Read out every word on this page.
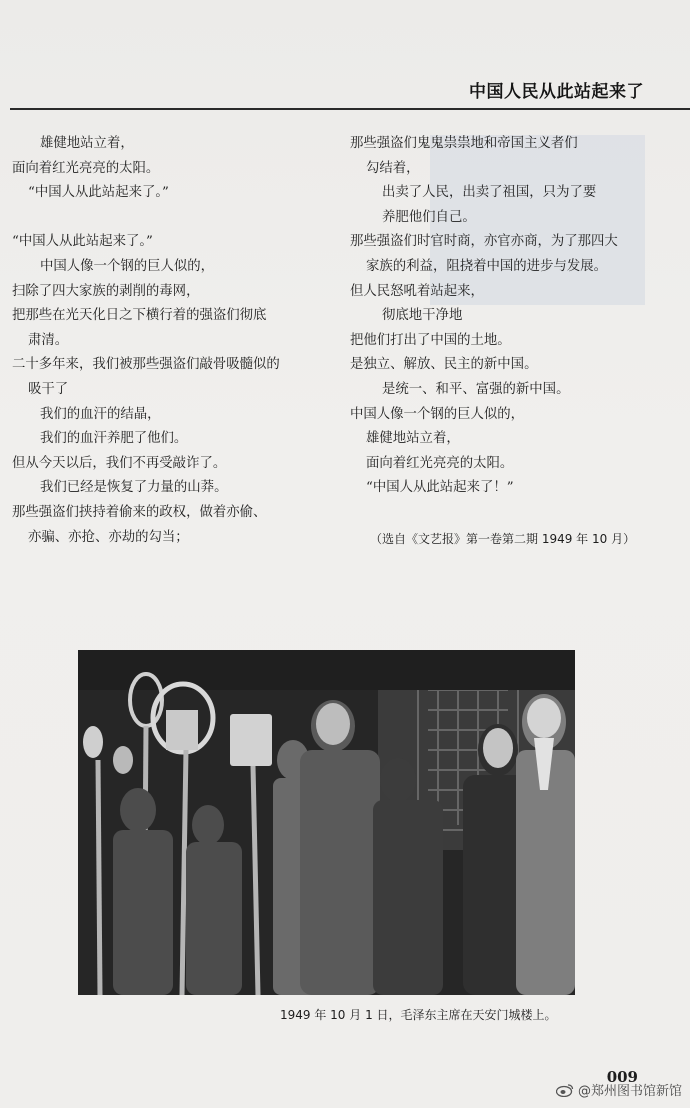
中国人民从此站起来了
雄健地站立着，
面向着红光亮亮的太阳。
“中国人从此站起来了。”
“中国人从此站起来了。”
中国人像一个钢的巨人似的，
扫除了四大家族的剥削的毒网，
把那些在光天化日之下横行着的强盗们彻底
肃清。
二十多年来，我们被那些强盗们敲骨吸髓似的
吸干了
我们的血汗的结晶，
我们的血汗养肥了他们。
但从今天以后，我们不再受敲诈了。
我们已经是恢复了力量的山莽。
那些强盗们挟持着偷来的政权，做着亦偷、
亦骗、亦抢、亦劫的勾当；
那些强盗们鬼鬼祟祟地和帝国主义者们
勾结着，
出卖了人民，出卖了祖国，只为了要
养肥他们自己。
那些强盗们时官时商，亦官亦商，为了那四大
家族的利益，阻挠着中国的进步与发展。
但人民怒吼着站起来，
彻底地干净地
把他们打出了中国的土地。
是独立、解放、民主的新中国。
是统一、和平、富强的新中国。
中国人像一个钢的巨人似的，
雄健地站立着，
面向着红光亮亮的太阳。
“中国人从此站起来了！”
（选自《文艺报》第一卷第二期 1949 年 10 月）
1949 年 10 月 1 日，毛泽东主席在天安门城楼上。
009
@郑州图书馆新馆
